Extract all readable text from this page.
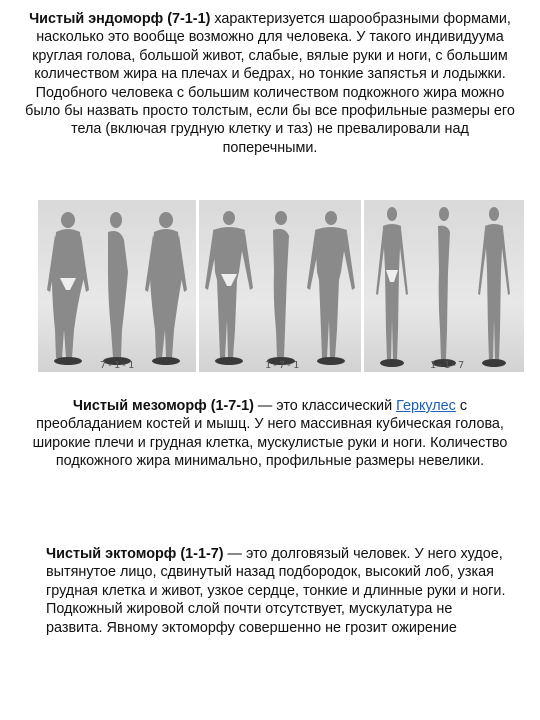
Чистый эндоморф (7-1-1) характеризуется шарообразными формами, насколько это вообще возможно для человека. У такого индивидуума круглая голова, большой живот, слабые, вялые руки и ноги, с большим количеством жира на плечах и бедрах, но тонкие запястья и лодыжки. Подобного человека с большим количеством подкожного жира можно было бы назвать просто толстым, если бы все профильные размеры его тела (включая грудную клетку и таз) не превалировали над поперечными.

7-1-1	1-7-1	1-1-7

Чистый мезоморф (1-7-1) — это классический Геркулес с преобладанием костей и мышц. У него массивная кубическая голова, широкие плечи и грудная клетка, мускулистые руки и ноги. Количество подкожного жира минимально, профильные размеры невелики.

Чистый эктоморф (1-1-7) — это долговязый человек. У него худое, вытянутое лицо, сдвинутый назад подбородок, высокий лоб, узкая грудная клетка и живот, узкое сердце, тонкие и длинные руки и ноги. Подкожный жировой слой почти отсутствует, мускулатура не развита. Явному эктоморфу совершенно не грозит ожирение
